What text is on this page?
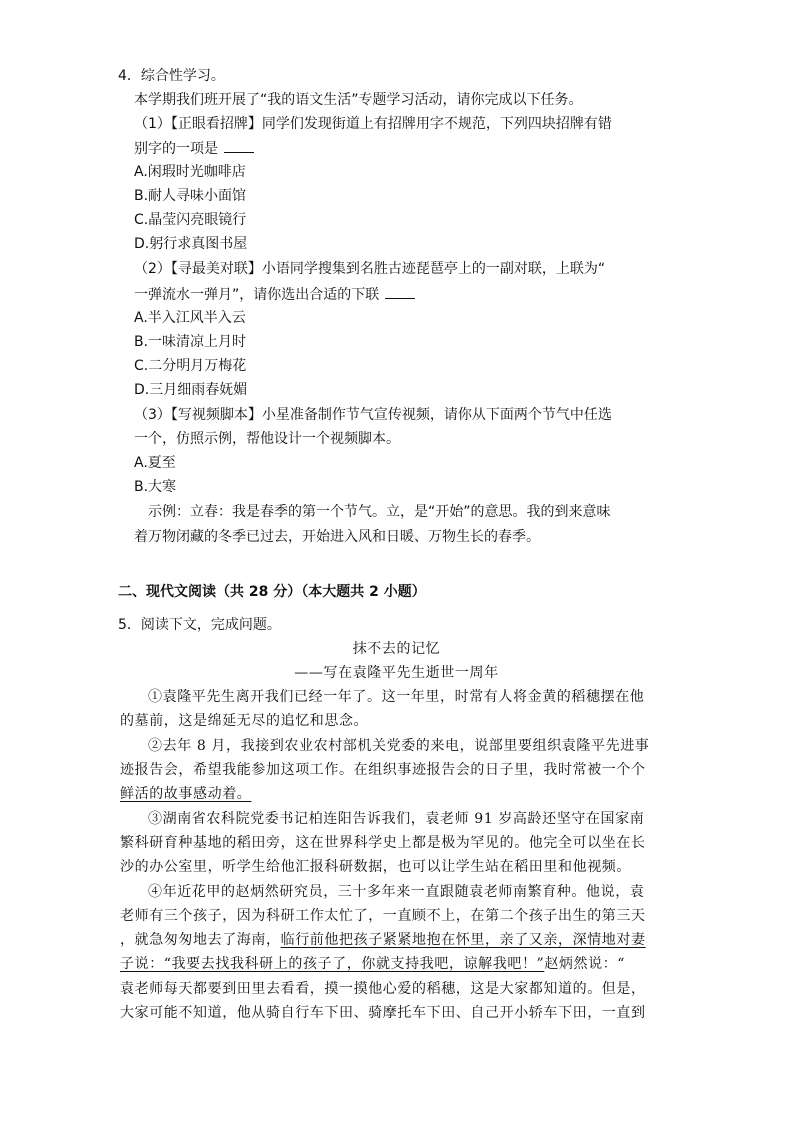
4．综合性学习。
本学期我们班开展了“我的语文生活”专题学习活动，请你完成以下任务。
（1）【正眼看招牌】同学们发现街道上有招牌用字不规范，下列四块招牌有错
别字的一项是
A.闲瑕时光咖啡店
B.耐人寻味小面馆
C.晶莹闪亮眼镜行
D.躬行求真图书屋
（2）【寻最美对联】小语同学搜集到名胜古迹琵琶亭上的一副对联，上联为“
一弹流水一弹月”，请你选出合适的下联
A.半入江风半入云
B.一味清凉上月时
C.二分明月万梅花
D.三月细雨春妩媚
（3）【写视频脚本】小星准备制作节气宣传视频，请你从下面两个节气中任选
一个，仿照示例，帮他设计一个视频脚本。
A.夏至
B.大寒
示例：立春：我是春季的第一个节气。立，是“开始”的意思。我的到来意味
着万物闭藏的冬季已过去，开始进入风和日暖、万物生长的春季。
二、现代文阅读（共 28 分）（本大题共 2 小题）
5．阅读下文，完成问题。
抹不去的记忆
——写在袁隆平先生逝世一周年
①袁隆平先生离开我们已经一年了。这一年里，时常有人将金黄的稻穗摆在他
的墓前，这是绵延无尽的追忆和思念。
②去年 8 月，我接到农业农村部机关党委的来电，说部里要组织袁隆平先进事
迹报告会，希望我能参加这项工作。在组织事迹报告会的日子里，我时常被一个个
鲜活的故事感动着。
③湖南省农科院党委书记柏连阳告诉我们，袁老师 91 岁高龄还坚守在国家南
繁科研育种基地的稻田旁，这在世界科学史上都是极为罕见的。他完全可以坐在长
沙的办公室里，听学生给他汇报科研数据，也可以让学生站在稻田里和他视频。
④年近花甲的赵炳然研究员，三十多年来一直跟随袁老师南繁育种。他说，袁
老师有三个孩子，因为科研工作太忙了，一直顾不上，在第二个孩子出生的第三天
，就急匆匆地去了海南，临行前他把孩子紧紧地抱在怀里，亲了又亲，深情地对妻
子说：“我要去找我科研上的孩子了，你就支持我吧，谅解我吧！”赵炳然说：“
袁老师每天都要到田里去看看，摸一摸他心爱的稻穗，这是大家都知道的。但是，
大家可能不知道，他从骑自行车下田、骑摩托车下田、自己开小轿车下田，一直到
